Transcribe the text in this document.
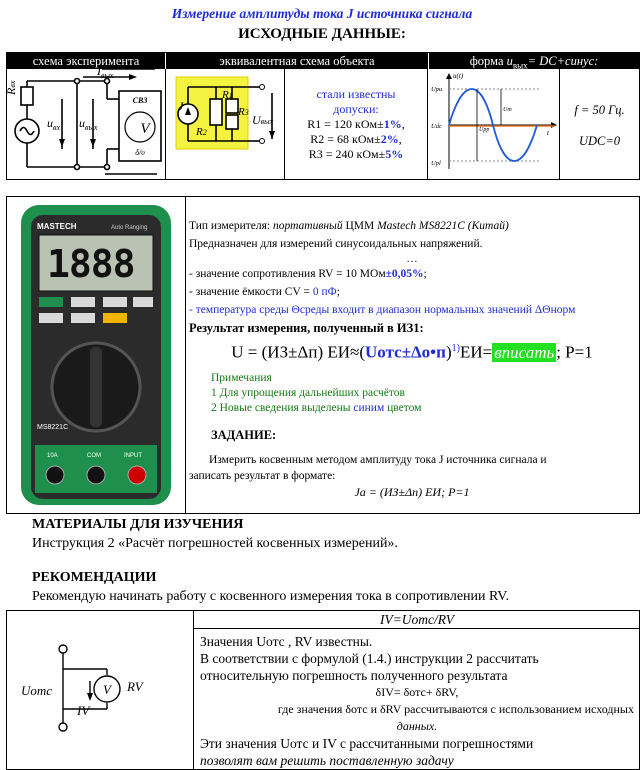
Измерение амплитуды тока J источника сигнала
ИСХОДНЫЕ ДАННЫЕ:
схема эксперимента	эквивалентная схема объекта	форма $u_{вых}=$ DC+синус:
СВ3
V
δ/υ
Rвх
$u_{вх}$ $u_{вых}$
$I_{вых}$
J
R1
R2
R3
Uвых
стали известны
допуски:
R1 = 120 кОм±1%,
R2 = 68 кОм±2%,
R3 = 240 кОм±5%
u(t)
Upu
Udc
Upl
t
Um
Upp
f = 50 Гц.
UDC=0
MASTECH	Auto Ranging
1888
MS8221C
10A	COM	INPUT
Тип измерителя: портативный ЦММ Mastech MS8221C (Китай)
Предназначен для измерений синусоидальных напряжений.
…
- значение сопротивления RV = 10 МОм±0,05%;
- значение ёмкости CV = 0 пФ;
- температура среды Θсреды входит в диапазон нормальных значений ΔΘнорм
Результат измерения, полученный в ИЗ1:
U = (ИЗ±Δп) ЕИ≈(Uотс±Δо•п)$^{1)}$ЕИ= вписать ; P=1
Примечания
1 Для упрощения дальнейших расчётов
2 Новые сведения выделены синим цветом
ЗАДАНИЕ:
Измерить косвенным методом амплитуду тока J источника сигнала и
записать результат в формате:
Ja = (ИЗ±Δп) ЕИ; P=1
МАТЕРИАЛЫ ДЛЯ ИЗУЧЕНИЯ
Инструкция 2 «Расчёт погрешностей косвенных измерений».
РЕКОМЕНДАЦИИ
Рекомендую начинать работу с косвенного измерения тока в сопротивлении RV.
V RV
Uотс
IV
IV=Uотс/RV
Значения Uотс , RV известны.
В соответствии с формулой (1.4.) инструкции 2 рассчитать
относительную погрешность полученного результата
δIV= δотс+ δRV,
где значения δотс и δRV рассчитываются с использованием исходных
данных.
Эти значения Uотс и IV с рассчитанными погрешностями
позволят вам решить поставленную задачу
